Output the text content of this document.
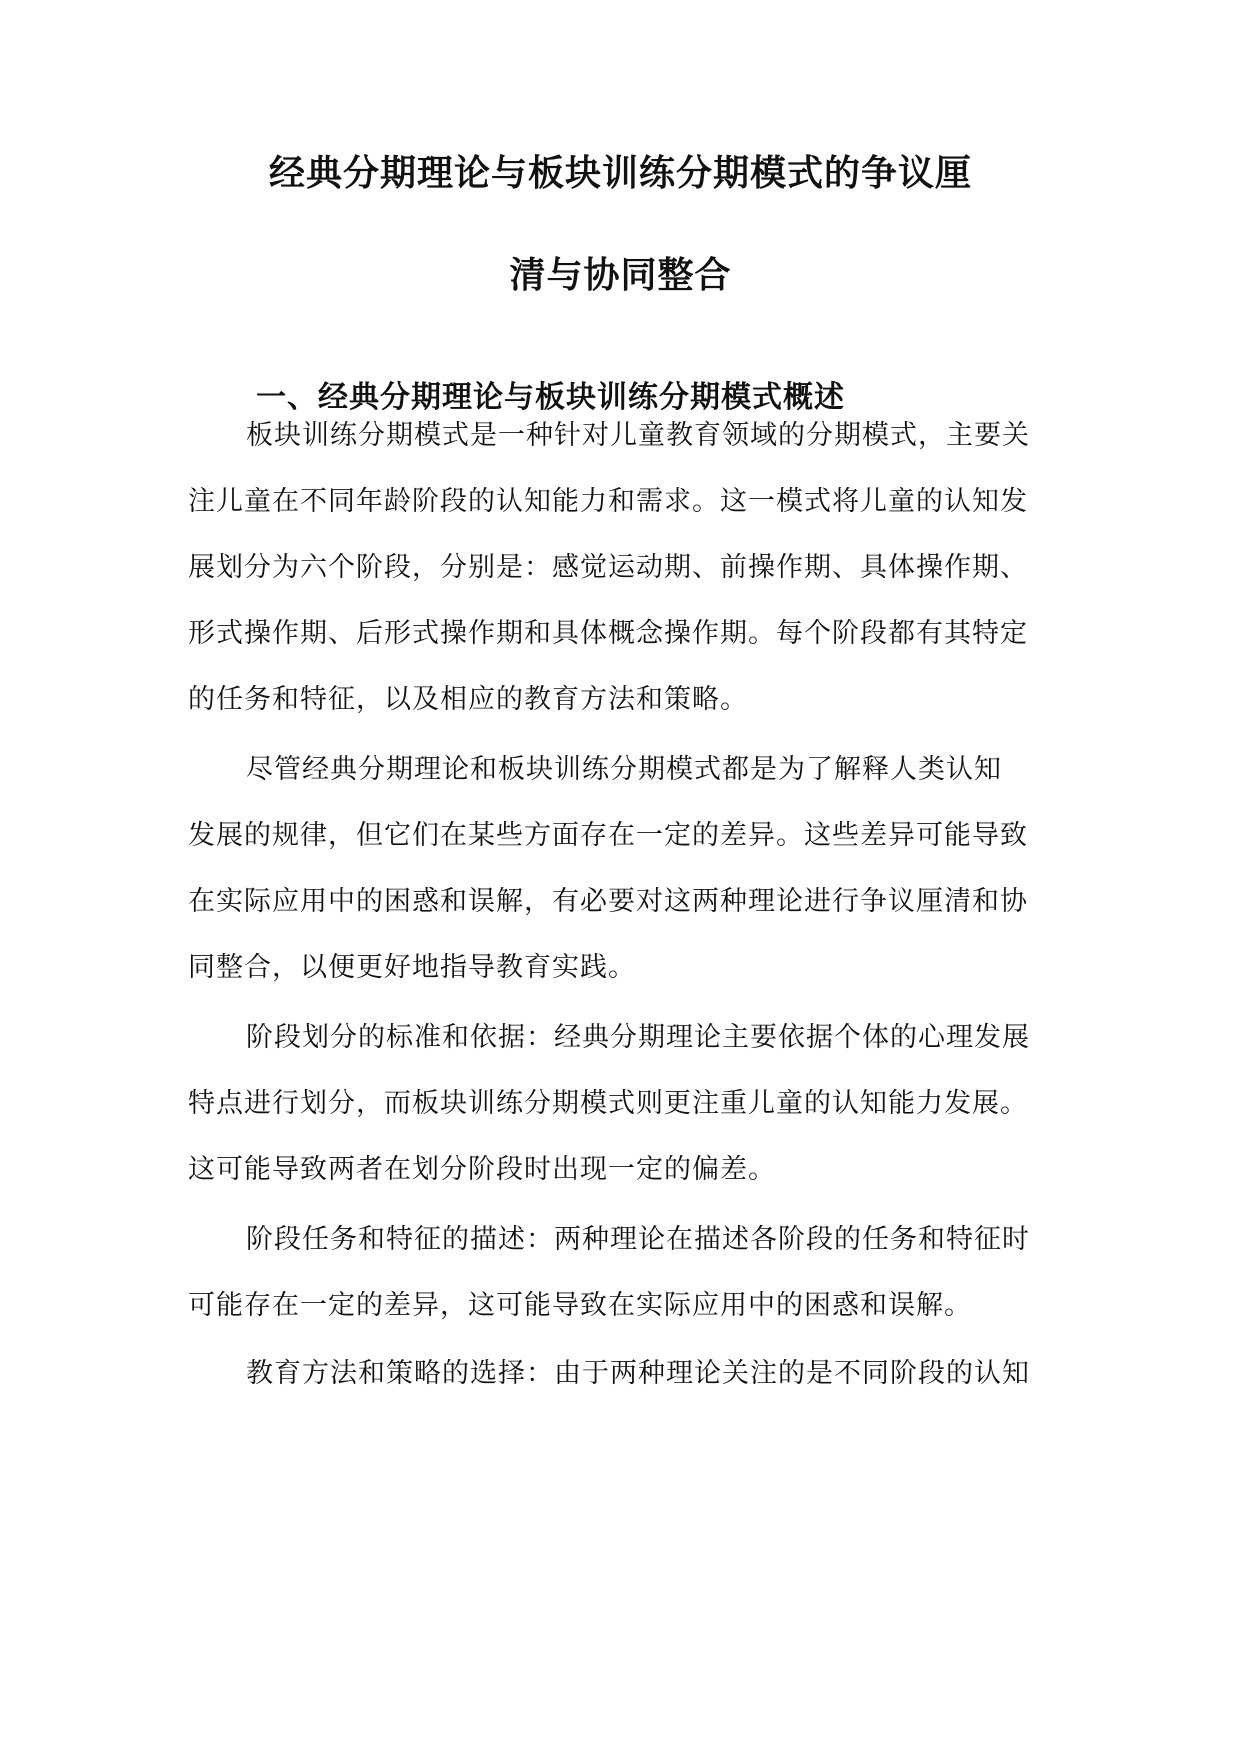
经典分期理论与板块训练分期模式的争议厘
清与协同整合
一、经典分期理论与板块训练分期模式概述
板块训练分期模式是一种针对儿童教育领域的分期模式，主要关
注儿童在不同年龄阶段的认知能力和需求。这一模式将儿童的认知发
展划分为六个阶段，分别是：感觉运动期、前操作期、具体操作期、
形式操作期、后形式操作期和具体概念操作期。每个阶段都有其特定
的任务和特征，以及相应的教育方法和策略。
尽管经典分期理论和板块训练分期模式都是为了解释人类认知
发展的规律，但它们在某些方面存在一定的差异。这些差异可能导致
在实际应用中的困惑和误解，有必要对这两种理论进行争议厘清和协
同整合，以便更好地指导教育实践。
阶段划分的标准和依据：经典分期理论主要依据个体的心理发展
特点进行划分，而板块训练分期模式则更注重儿童的认知能力发展。
这可能导致两者在划分阶段时出现一定的偏差。
阶段任务和特征的描述：两种理论在描述各阶段的任务和特征时
可能存在一定的差异，这可能导致在实际应用中的困惑和误解。
教育方法和策略的选择：由于两种理论关注的是不同阶段的认知
